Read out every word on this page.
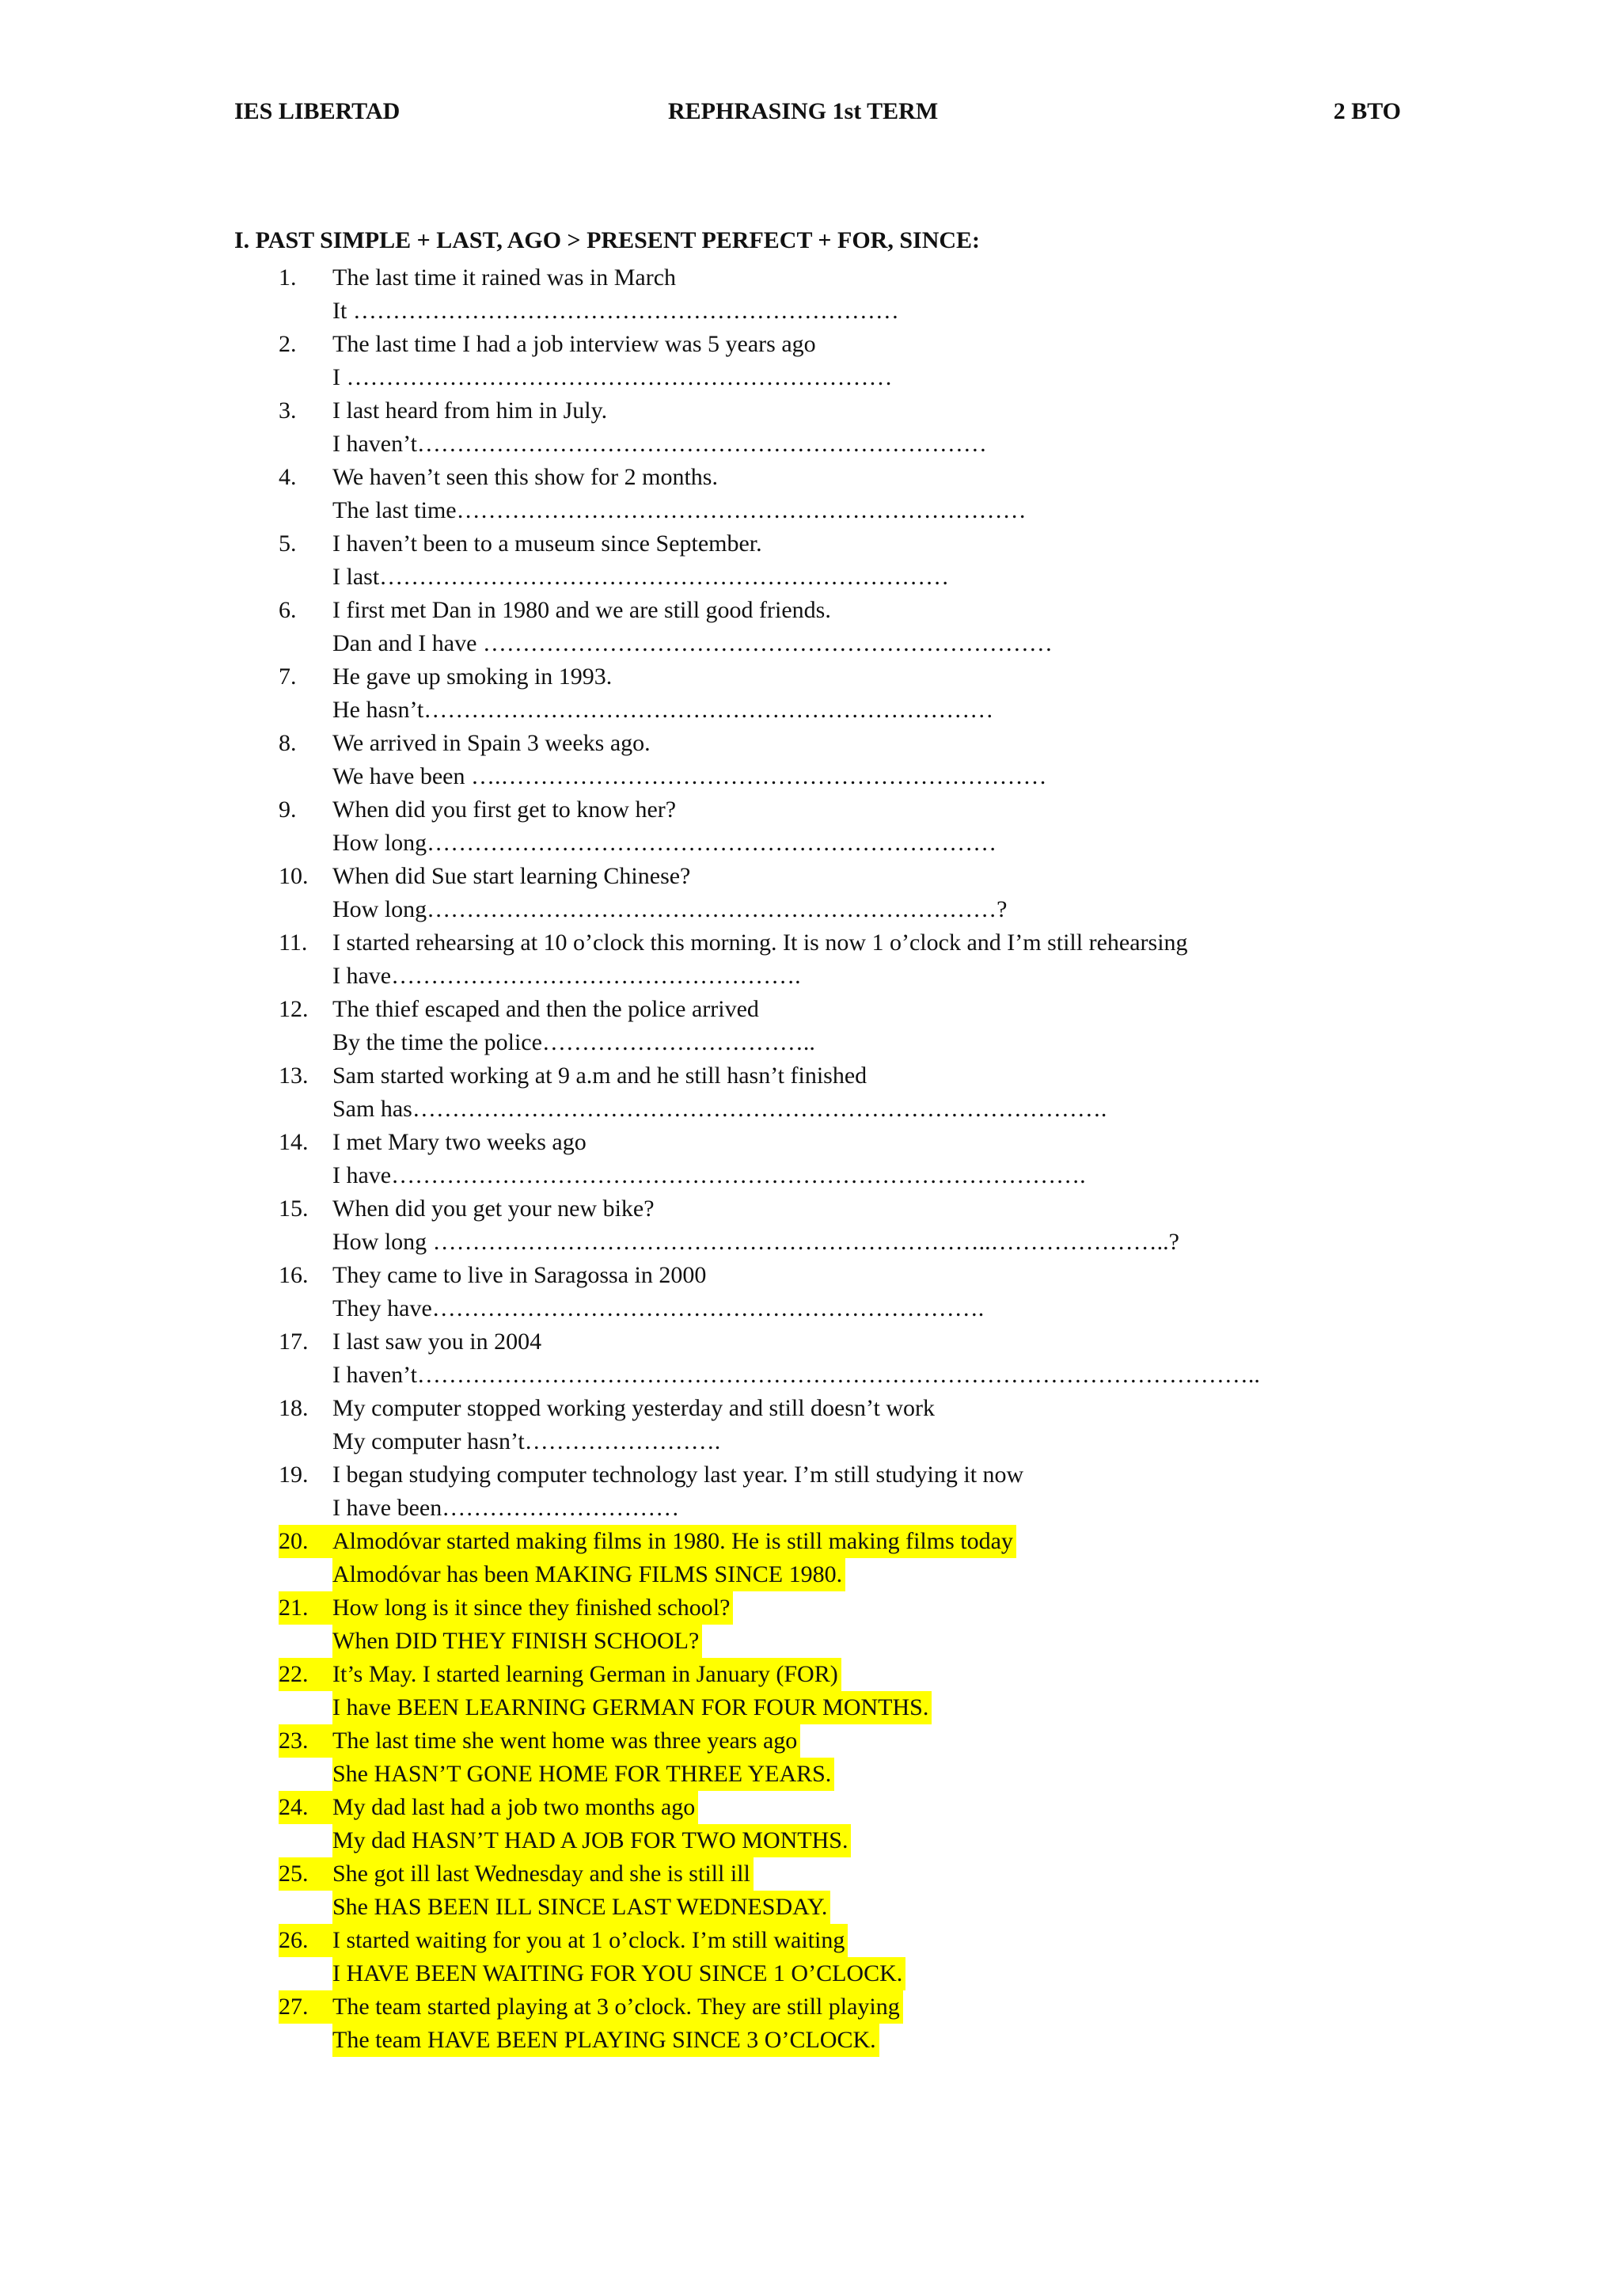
IES LIBERTAD	REPHRASING 1st TERM	2 BTO
I. PAST SIMPLE + LAST, AGO > PRESENT PERFECT + FOR, SINCE:
1.	The last time it rained was in March
It ……………………………………………………………
2.	The last time I had a job interview was 5 years ago
I ……………………………………………………………
3.	I last heard from him in July.
I haven’t………………………………………………………………
4.	We haven’t seen this show for 2 months.
The last time………………………………………………………………
5.	I haven’t been to a museum since September.
I last………………………………………………………………
6.	I first met Dan in 1980 and we are still good friends.
Dan and I have ………………………………………………………………
7.	He gave up smoking in 1993.
He hasn’t………………………………………………………………
8.	We arrived in Spain 3 weeks ago.
We have been ….……………………………………………………………
9.	When did you first get to know her?
How long………………………………………………………………
10.	When did Sue start learning Chinese?
How long………………………………………………………………?
11.	I started rehearsing at 10 o’clock this morning. It is now 1 o’clock and I’m still rehearsing
I have…………………………………………….
12.	The thief escaped and then the police arrived
By the time the police……………………………..
13.	Sam started working at 9 a.m and he still hasn’t finished
Sam has…………………………………………………………………………….
14.	I met Mary two weeks ago
I have…………………………………………………………………………….
15.	When did you get your new bike?
How long ……………………………………………………………..…………………..?
16.	They came to live in Saragossa in 2000
They have…………………………………………………………….
17.	I last saw you in 2004
I haven’t……………………………………………………………………………………………..
18.	My computer stopped working yesterday and still doesn’t work
My computer hasn’t…………………….
19.	I began studying computer technology last year. I’m still studying it now
I have been…………………………
20.	Almodóvar started making films in 1980. He is still making films today
Almodóvar has been MAKING FILMS SINCE 1980.
21.	How long is it since they finished school?
When DID THEY FINISH SCHOOL?
22.	It’s May. I started learning German in January (FOR)
I have BEEN LEARNING GERMAN FOR FOUR MONTHS.
23.	The last time she went home was three years ago
She HASN’T GONE HOME FOR THREE YEARS.
24.	My dad last had a job two months ago
My dad HASN’T HAD A JOB FOR TWO MONTHS.
25.	She got ill last Wednesday and she is still ill
She HAS BEEN ILL SINCE LAST WEDNESDAY.
26.	I started waiting for you at 1 o’clock. I’m still waiting
I HAVE BEEN WAITING FOR YOU SINCE 1 O’CLOCK.
27.	The team started playing at 3 o’clock. They are still playing
The team HAVE BEEN PLAYING SINCE 3 O’CLOCK.
